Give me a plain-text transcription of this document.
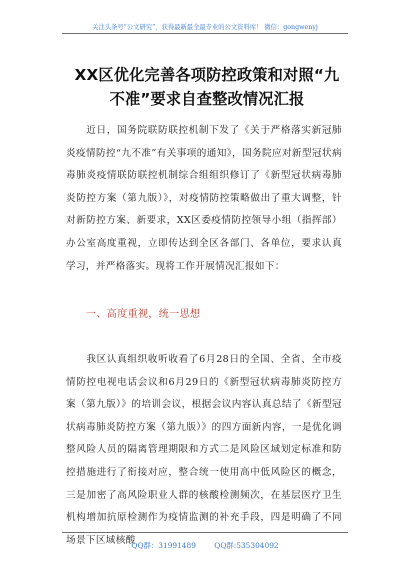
关注头条号“公文研究”，获得最新最全最专业的公文资料库！ 微信：gongwenyj
XX区优化完善各项防控政策和对照“九不准”要求自查整改情况汇报
近日，国务院联防联控机制下发了《关于严格落实新冠肺炎疫情防控“九不准”有关事项的通知》，国务院应对新型冠状病毒肺炎疫情联防联控机制综合组组织修订了《新型冠状病毒肺炎防控方案（第九版）》，对疫情防控策略做出了重大调整，针对新防控方案、新要求，XX区委疫情防控领导小组（指挥部）办公室高度重视，立即传达到全区各部门、各单位，要求认真学习，并严格落实。现将工作开展情况汇报如下：
一、高度重视，统一思想
我区认真组织收听收看了6月28日的全国、全省、全市疫情防控电视电话会议和6月29日的《新型冠状病毒肺炎防控方案（第九版）》的培训会议，根据会议内容认真总结了《新型冠状病毒肺炎防控方案（第九版）》的四方面新内容，一是优化调整风险人员的隔离管理期限和方式二是风险区域划定标准和防控措施进行了衔接对应，整合统一使用高中低风险区的概念，三是加密了高风险职业人群的核酸检测频次，在基层医疗卫生机构增加抗原检测作为疫情监测的补充手段，四是明确了不同场景下区域核酸
QQ群：31991489 QQ群:535304092
